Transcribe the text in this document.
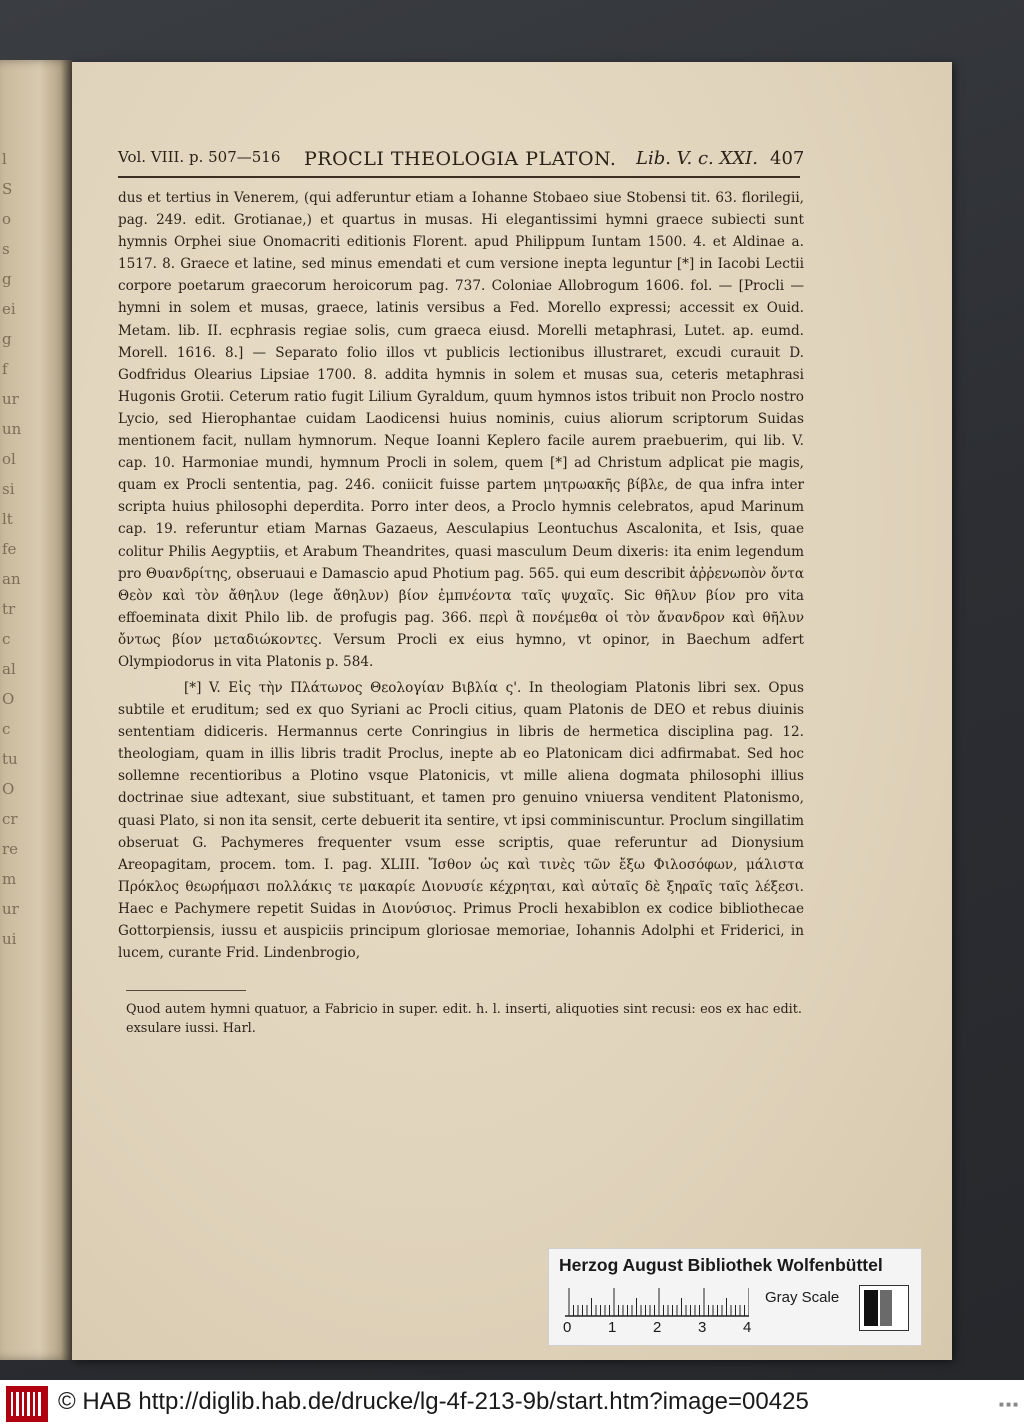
l
S
o
s
g
ei
g
f
ur
un
ol
si
lt
fe
an
tr
c
al
O
c
tu
O
cr
re
m
ur
ui
Vol. VIII. p. 507—516 PROCLI THEOLOGIA PLATON. Lib. V. c. XXI. 407
dus et tertius in Venerem, (qui adferuntur etiam a Iohanne Stobaeo siue Stobensi tit. 63. florilegii, pag. 249. edit. Grotianae,) et quartus in musas. Hi elegantissimi hymni graece subiecti sunt hymnis Orphei siue Onomacriti editionis Florent. apud Philippum Iuntam 1500. 4. et Aldinae a. 1517. 8. Graece et latine, sed minus emendati et cum versione inepta leguntur [*] in Iacobi Lectii corpore poetarum graecorum heroicorum pag. 737. Coloniae Allobrogum 1606. fol. — [Procli — hymni in solem et musas, graece, latinis versibus a Fed. Morello expressi; accessit ex Ouid. Metam. lib. II. ecphrasis regiae solis, cum graeca eiusd. Morelli metaphrasi, Lutet. ap. eumd. Morell. 1616. 8.] — Separato folio illos vt publicis lectionibus illustraret, excudi curauit D. Godfridus Olearius Lipsiae 1700. 8. addita hymnis in solem et musas sua, ceteris metaphrasi Hugonis Grotii. Ceterum ratio fugit Lilium Gyraldum, quum hymnos istos tribuit non Proclo nostro Lycio, sed Hierophantae cuidam Laodicensi huius nominis, cuius aliorum scriptorum Suidas mentionem facit, nullam hymnorum. Neque Ioanni Keplero facile aurem praebuerim, qui lib. V. cap. 10. Harmoniae mundi, hymnum Procli in solem, quem [*] ad Christum adplicat pie magis, quam ex Procli sententia, pag. 246. coniicit fuisse partem μητρωακῆς βίβλε, de qua infra inter scripta huius philosophi deperdita. Porro inter deos, a Proclo hymnis celebratos, apud Marinum cap. 19. referuntur etiam Marnas Gazaeus, Aesculapius Leontuchus Ascalonita, et Isis, quae colitur Philis Aegyptiis, et Arabum Theandrites, quasi masculum Deum dixeris: ita enim legendum pro Θυανδρίτης, obseruaui e Damascio apud Photium pag. 565. qui eum describit ἀῤῥενωπὸν ὄντα Θεὸν καὶ τὸν ἄθηλυν (lege ἄθηλυν) βίον ἐμπνέοντα ταῖς ψυχαῖς. Sic θῆλυν βίον pro vita effoeminata dixit Philo lib. de profugis pag. 366. περὶ ἃ πονέμεθα οἱ τὸν ἄνανδρον καὶ θῆλυν ὄντως βίον μεταδιώκοντες. Versum Procli ex eius hymno, vt opinor, in Baechum adfert Olympiodorus in vita Platonis p. 584.
[*] V. Εἰς τὴν Πλάτωνος Θεολογίαν Βιβλία ς'. In theologiam Platonis libri sex. Opus subtile et eruditum; sed ex quo Syriani ac Procli citius, quam Platonis de DEO et rebus diuinis sententiam didiceris. Hermannus certe Conringius in libris de hermetica disciplina pag. 12. theologiam, quam in illis libris tradit Proclus, inepte ab eo Platonicam dici adfirmabat. Sed hoc sollemne recentioribus a Plotino vsque Platonicis, vt mille aliena dogmata philosophi illius doctrinae siue adtexant, siue substituant, et tamen pro genuino vniuersa venditent Platonismo, quasi Plato, si non ita sensit, certe debuerit ita sentire, vt ipsi comminiscuntur. Proclum singillatim obseruat G. Pachymeres frequenter vsum esse scriptis, quae referuntur ad Dionysium Areopagitam, procem. tom. I. pag. XLIII. Ἴσθον ὡς καὶ τινὲς τῶν ἔξω Φιλοσόφων, μάλιστα Πρόκλος θεωρήμασι πολλάκις τε μακαρίε Διονυσίε κέχρηται, καὶ αὐταῖς δὲ ξηραῖς ταῖς λέξεσι. Haec e Pachymere repetit Suidas in Διονύσιος. Primus Procli hexabiblon ex codice bibliothecae Gottorpiensis, iussu et auspiciis principum gloriosae memoriae, Iohannis Adolphi et Friderici, in lucem, curante Frid. Lindenbrogio,
Quod autem hymni quatuor, a Fabricio in super. edit. h. l. inserti, aliquoties sint recusi: eos ex hac edit. exsulare iussi. Harl.
Herzog August Bibliothek Wolfenbüttel
Gray Scale
0 1 2 3 4
© HAB http://diglib.hab.de/drucke/lg-4f-213-9b/start.htm?image=00425	■ ■ ■
